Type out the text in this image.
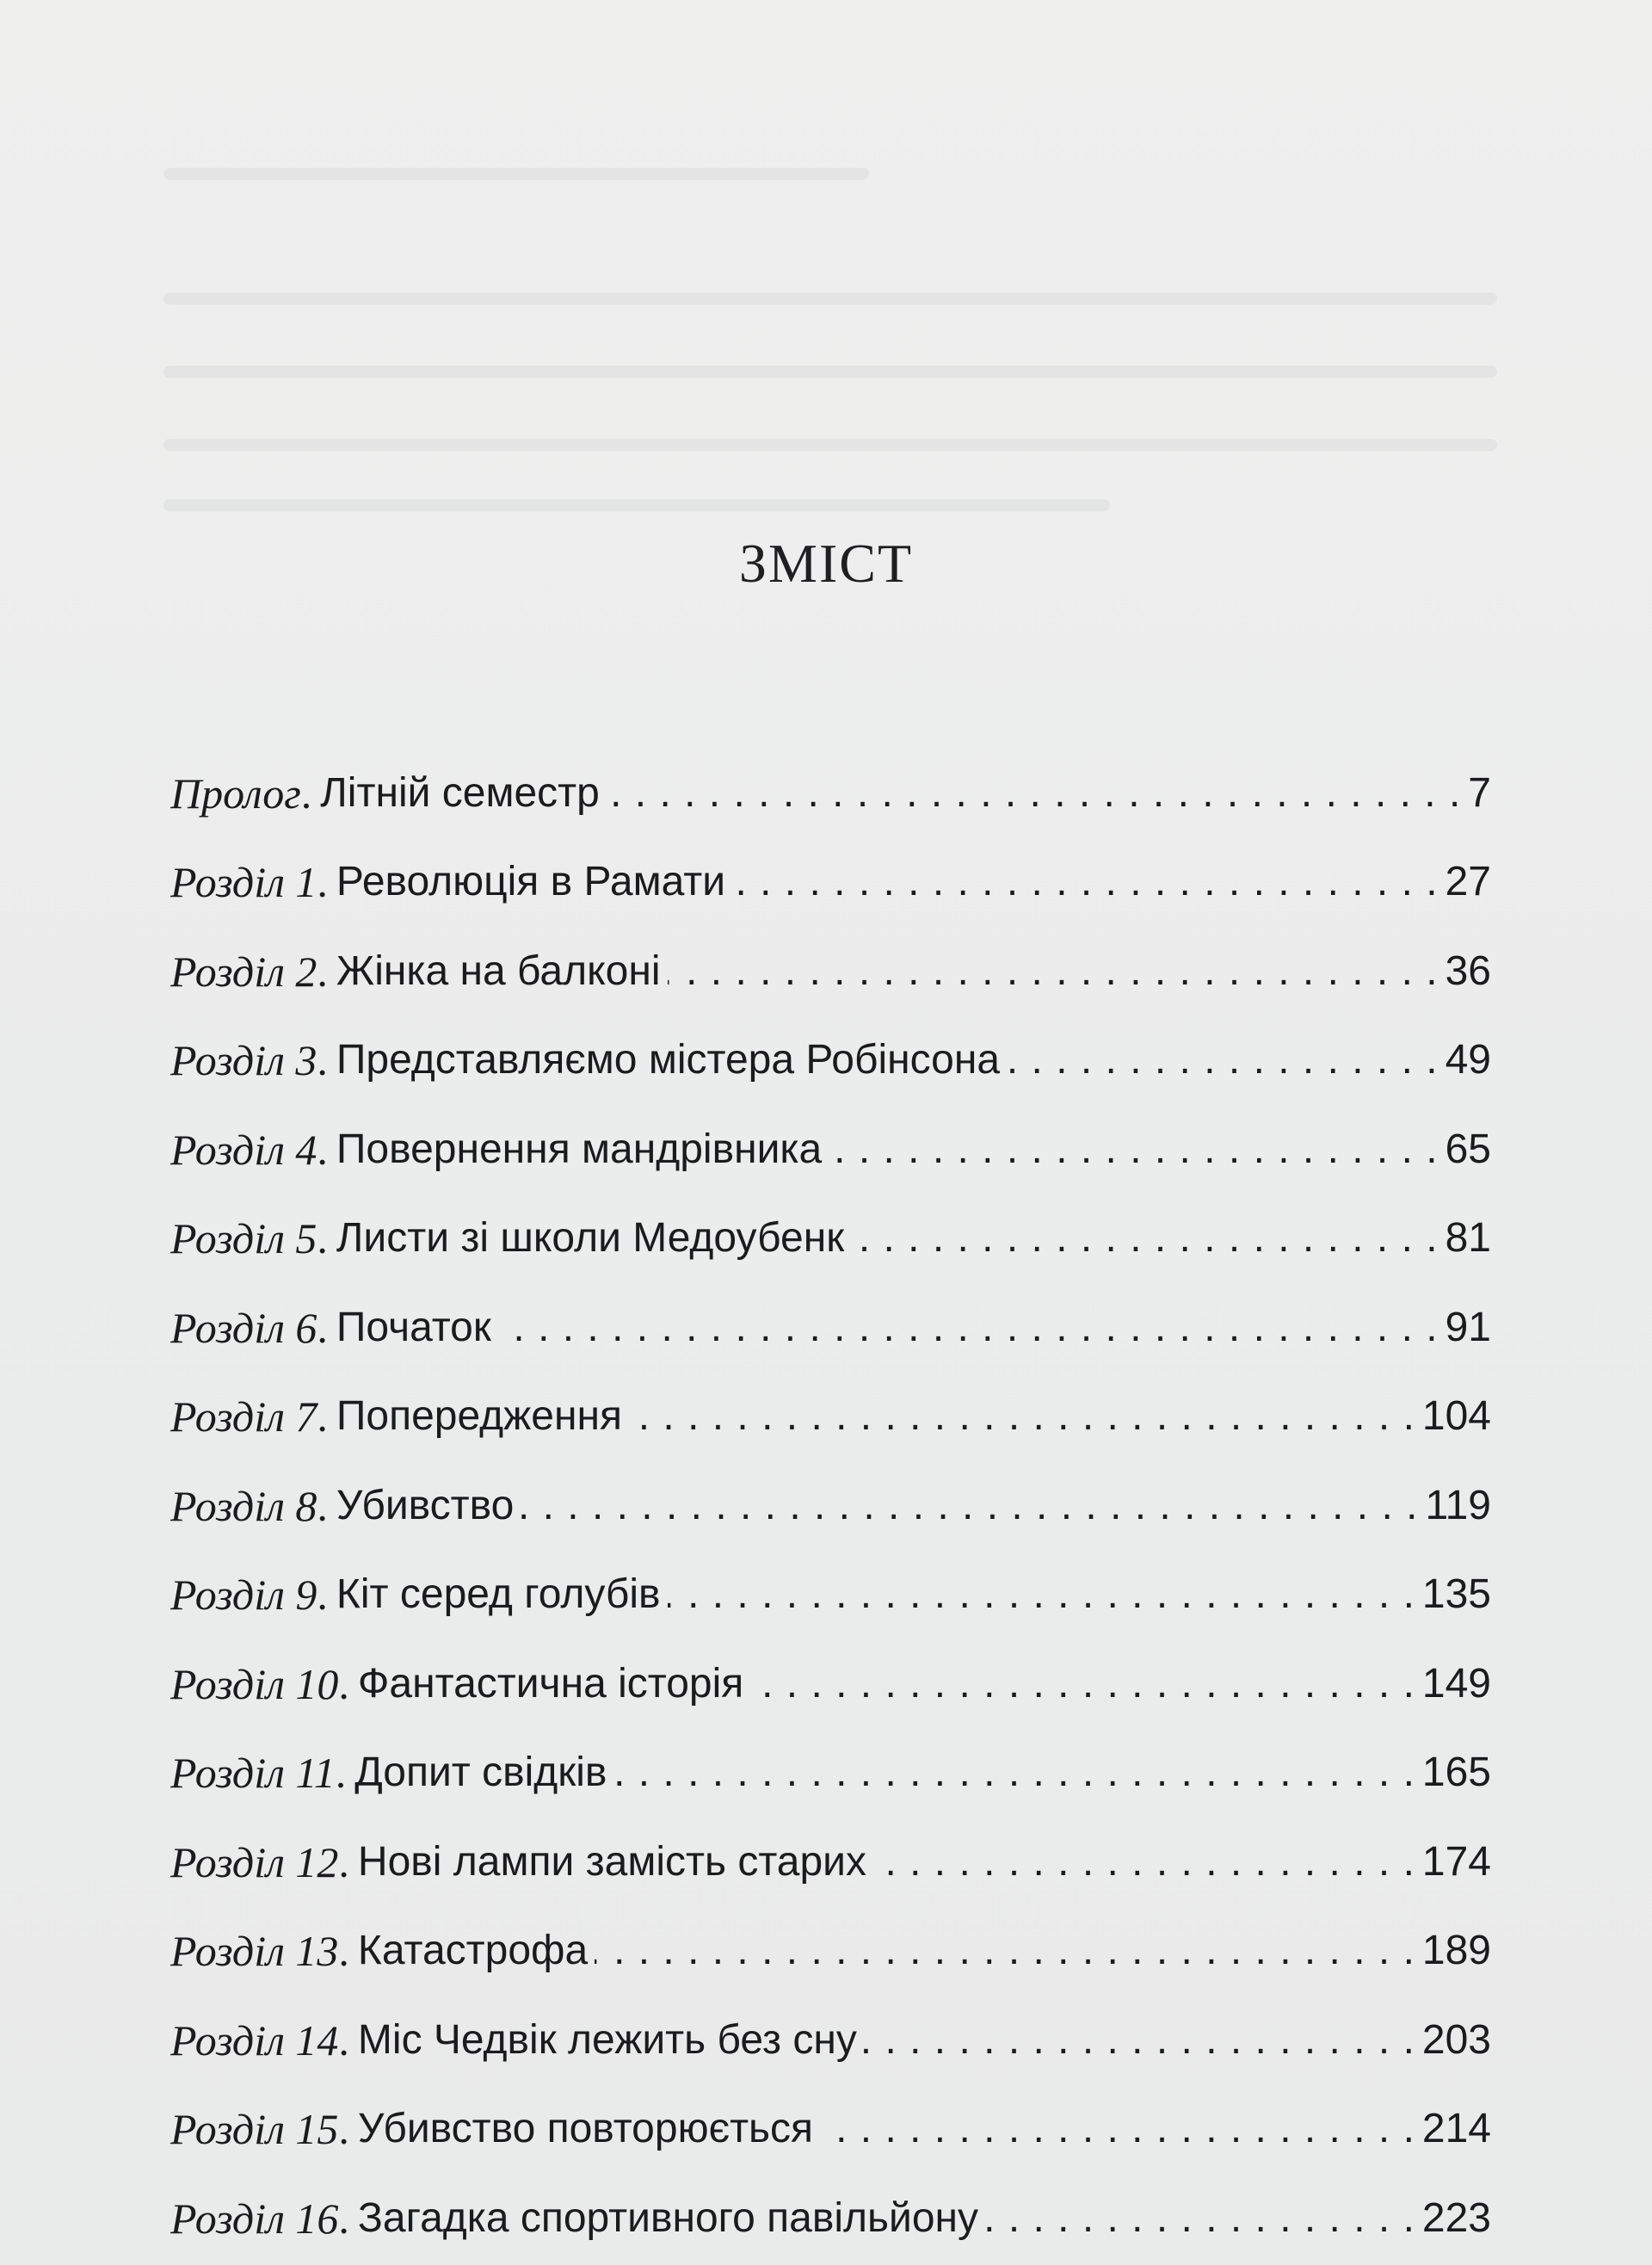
ЗМІСТ
Пролог . Літній семестр . . .	7
Розділ 1 . Революція в Рамати . . .	27
Розділ 2 . Жінка на балконі . . .	36
Розділ 3 . Представляємо містера Робінсона . . .	49
Розділ 4 . Повернення мандрівника . . .	65
Розділ 5 . Листи зі школи Медоубенк . . .	81
Розділ 6 . Початок . . .	91
Розділ 7 . Попередження . . .	104
Розділ 8 . Убивство . . .	119
Розділ 9 . Кіт серед голубів . . .	135
Розділ 10 . Фантастична історія . . .	149
Розділ 11 . Допит свідків . . .	165
Розділ 12 . Нові лампи замість старих . . .	174
Розділ 13 . Катастрофа . . .	189
Розділ 14 . Міс Чедвік лежить без сну . . .	203
Розділ 15 . Убивство повторюється . . .	214
Розділ 16 . Загадка спортивного павільйону . . .	223
